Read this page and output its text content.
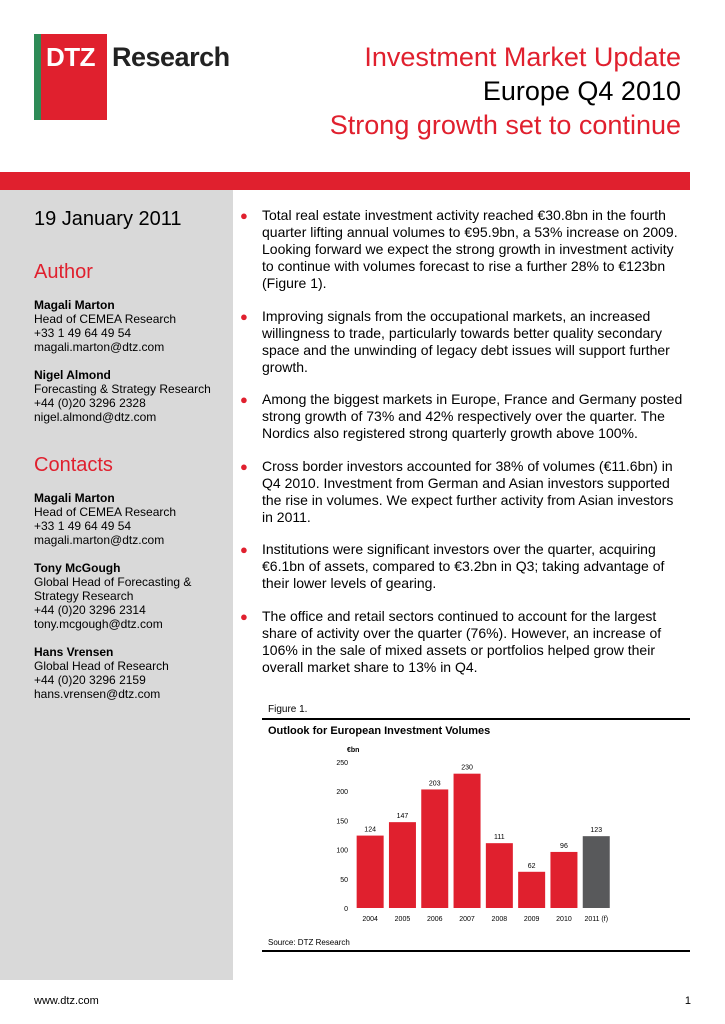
DTZ Research	Investment Market Update
Europe Q4 2010
Strong growth set to continue
19 January 2011
Author
Magali Marton
Head of CEMEA Research
+33 1 49 64 49 54
magali.marton@dtz.com
Nigel Almond
Forecasting & Strategy Research
+44 (0)20 3296 2328
nigel.almond@dtz.com
Contacts
Magali Marton
Head of CEMEA Research
+33 1 49 64 49 54
magali.marton@dtz.com
Tony McGough
Global Head of Forecasting &
Strategy Research
+44 (0)20 3296 2314
tony.mcgough@dtz.com
Hans Vrensen
Global Head of Research
+44 (0)20 3296 2159
hans.vrensen@dtz.com
● Total real estate investment activity reached €30.8bn in the fourth quarter lifting annual volumes to €95.9bn, a 53% increase on 2009. Looking forward we expect the strong growth in investment activity to continue with volumes forecast to rise a further 28% to €123bn (Figure 1).
● Improving signals from the occupational markets, an increased willingness to trade, particularly towards better quality secondary space and the unwinding of legacy debt issues will support further growth.
● Among the biggest markets in Europe, France and Germany posted strong growth of 73% and 42% respectively over the quarter. The Nordics also registered strong quarterly growth above 100%.
● Cross border investors accounted for 38% of volumes (€11.6bn) in Q4 2010. Investment from German and Asian investors supported the rise in volumes. We expect further activity from Asian investors in 2011.
● Institutions were significant investors over the quarter, acquiring €6.1bn of assets, compared to €3.2bn in Q3; taking advantage of their lower levels of gearing.
● The office and retail sectors continued to account for the largest share of activity over the quarter (76%). However, an increase of 106% in the sale of mixed assets or portfolios helped grow their overall market share to 13% in Q4.
Figure 1.
Outlook for European Investment Volumes
€bn
0
50
100
150
200
250
124
147
203
230
111
62
96
123
2004 2005 2006 2007 2008 2009 2010 2011 (f)
Source: DTZ Research
www.dtz.com	1
